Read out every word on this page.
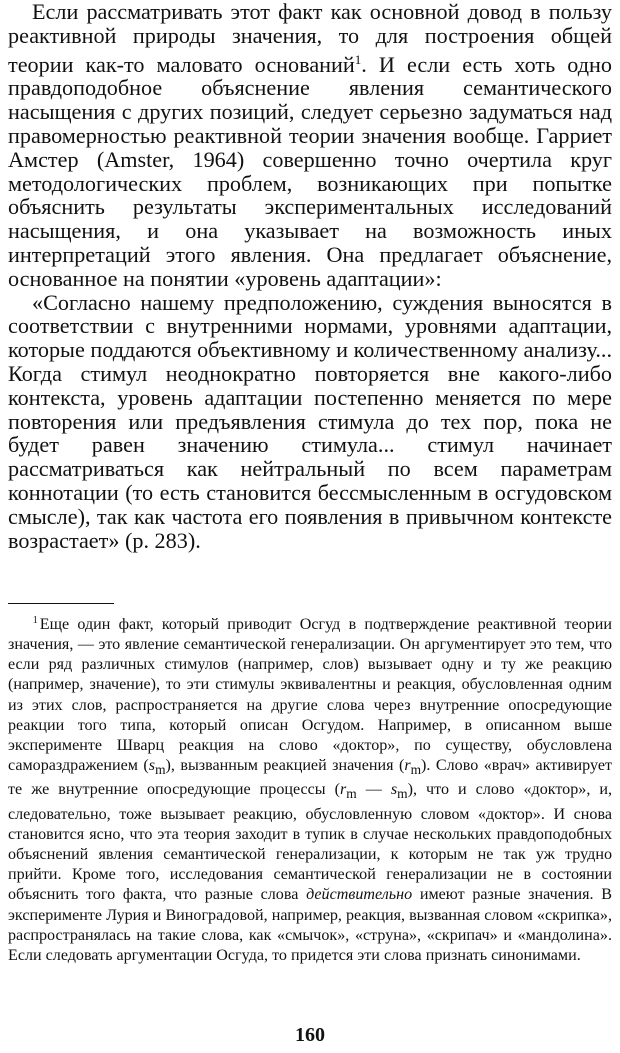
Если рассматривать этот факт как основной довод в пользу реактивной природы значения, то для построения общей теории как-то маловато оснований$^1$. И если есть хоть одно правдоподобное объяснение явления семантического насыщения с других позиций, следует серьезно задуматься над правомерностью реактивной теории значения вообще. Гарриет Амстер (Amster, 1964) совершенно точно очертила круг методологических проблем, возникающих при попытке объяснить результаты экспериментальных исследований насыщения, и она указывает на возможность иных интерпретаций этого явления. Она предлагает объяснение, основанное на понятии «уровень адаптации»:

«Согласно нашему предположению, суждения выносятся в соответствии с внутренними нормами, уровнями адаптации, которые поддаются объективному и количественному анализу... Когда стимул неоднократно повторяется вне какого-либо контекста, уровень адаптации постепенно меняется по мере повторения или предъявления стимула до тех пор, пока не будет равен значению стимула... стимул начинает рассматриваться как нейтральный по всем параметрам коннотации (то есть становится бессмысленным в осгудовском смысле), так как частота его появления в привычном контексте возрастает» (р. 283).

$^1$ Еще один факт, который приводит Осгуд в подтверждение реактивной теории значения, — это явление семантической генерализации. Он аргументирует это тем, что если ряд различных стимулов (например, слов) вызывает одну и ту же реакцию (например, значение), то эти стимулы эквивалентны и реакция, обусловленная одним из этих слов, распространяется на другие слова через внутренние опосредующие реакции того типа, который описан Осгудом. Например, в описанном выше эксперименте Шварц реакция на слово «доктор», по существу, обусловлена самораздражением $(s_m)$, вызванным реакцией значения $(r_m)$. Слово «врач» активирует те же внутренние опосредующие процессы ($r_m$ — $s_m$), что и слово «доктор», и, следовательно, тоже вызывает реакцию, обусловленную словом «доктор». И снова становится ясно, что эта теория заходит в тупик в случае нескольких правдоподобных объяснений явления семантической генерализации, к которым не так уж трудно прийти. Кроме того, исследования семантической генерализации не в состоянии объяснить того факта, что разные слова действительно имеют разные значения. В эксперименте Лурия и Виноградовой, например, реакция, вызванная словом «скрипка», распространялась на такие слова, как «смычок», «струна», «скрипач» и «мандолина». Если следовать аргументации Осгуда, то придется эти слова признать синонимами.

160
